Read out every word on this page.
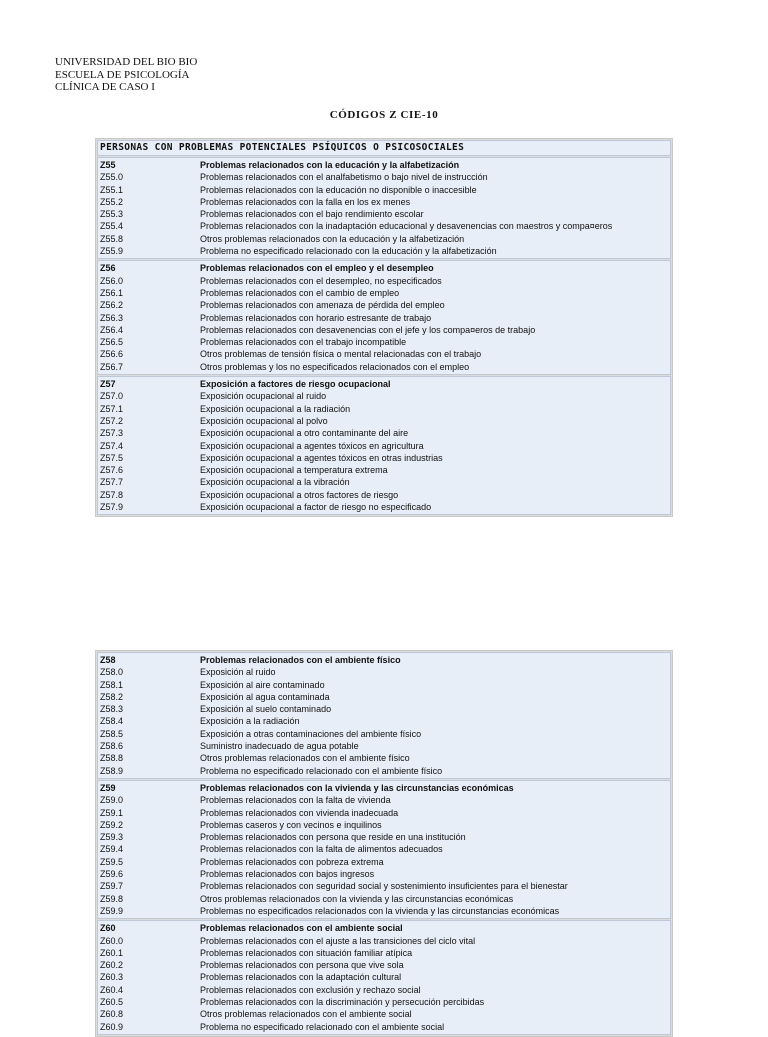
UNIVERSIDAD DEL BIO BIO
ESCUELA DE PSICOLOGÍA
CLÍNICA DE CASO I
CÓDIGOS Z CIE-10
PERSONAS CON PROBLEMAS POTENCIALES PSÍQUICOS O PSICOSOCIALES
Z55	Problemas relacionados con la educación y la alfabetización
Z55.0	Problemas relacionados con el analfabetismo o bajo nivel de instrucción
Z55.1	Problemas relacionados con la educación no disponible o inaccesible
Z55.2	Problemas relacionados con la falla en los ex menes
Z55.3	Problemas relacionados con el bajo rendimiento escolar
Z55.4	Problemas relacionados con la inadaptación educacional y desavenencias con maestros y compa¤eros
Z55.8	Otros problemas relacionados con la educación y la alfabetización
Z55.9	Problema no especificado relacionado con la educación y la alfabetización
Z56	Problemas relacionados con el empleo y el desempleo
Z56.0	Problemas relacionados con el desempleo, no especificados
Z56.1	Problemas relacionados con el cambio de empleo
Z56.2	Problemas relacionados con amenaza de pérdida del empleo
Z56.3	Problemas relacionados con horario estresante de trabajo
Z56.4	Problemas relacionados con desavenencias con el jefe y los compa¤eros de trabajo
Z56.5	Problemas relacionados con el trabajo incompatible
Z56.6	Otros problemas de tensión física o mental relacionadas con el trabajo
Z56.7	Otros problemas y los no especificados relacionados con el empleo
Z57	Exposición a factores de riesgo ocupacional
Z57.0	Exposición ocupacional al ruido
Z57.1	Exposición ocupacional a la radiación
Z57.2	Exposición ocupacional al polvo
Z57.3	Exposición ocupacional a otro contaminante del aire
Z57.4	Exposición ocupacional a agentes tóxicos en agricultura
Z57.5	Exposición ocupacional a agentes tóxicos en otras industrias
Z57.6	Exposición ocupacional a temperatura extrema
Z57.7	Exposición ocupacional a la vibración
Z57.8	Exposición ocupacional a otros factores de riesgo
Z57.9	Exposición ocupacional a factor de riesgo no especificado
Z58	Problemas relacionados con el ambiente físico
Z58.0	Exposición al ruido
Z58.1	Exposición al aire contaminado
Z58.2	Exposición al agua contaminada
Z58.3	Exposición al suelo contaminado
Z58.4	Exposición a la radiación
Z58.5	Exposición a otras contaminaciones del ambiente físico
Z58.6	Suministro inadecuado de agua potable
Z58.8	Otros problemas relacionados con el ambiente físico
Z58.9	Problema no especificado relacionado con el ambiente físico
Z59	Problemas relacionados con la vivienda y las circunstancias económicas
Z59.0	Problemas relacionados con la falta de vivienda
Z59.1	Problemas relacionados con vivienda inadecuada
Z59.2	Problemas caseros y con vecinos e inquilinos
Z59.3	Problemas relacionados con persona que reside en una institución
Z59.4	Problemas relacionados con la falta de alimentos adecuados
Z59.5	Problemas relacionados con pobreza extrema
Z59.6	Problemas relacionados con bajos ingresos
Z59.7	Problemas relacionados con seguridad social y sostenimiento insuficientes para el bienestar
Z59.8	Otros problemas relacionados con la vivienda y las circunstancias económicas
Z59.9	Problemas no especificados relacionados con la vivienda y las circunstancias económicas
Z60	Problemas relacionados con el ambiente social
Z60.0	Problemas relacionados con el ajuste a las transiciones del ciclo vital
Z60.1	Problemas relacionados con situación familiar atípica
Z60.2	Problemas relacionados con persona que vive sola
Z60.3	Problemas relacionados con la adaptación cultural
Z60.4	Problemas relacionados con exclusión y rechazo social
Z60.5	Problemas relacionados con la discriminación y persecución percibidas
Z60.8	Otros problemas relacionados con el ambiente social
Z60.9	Problema no especificado relacionado con el ambiente social
